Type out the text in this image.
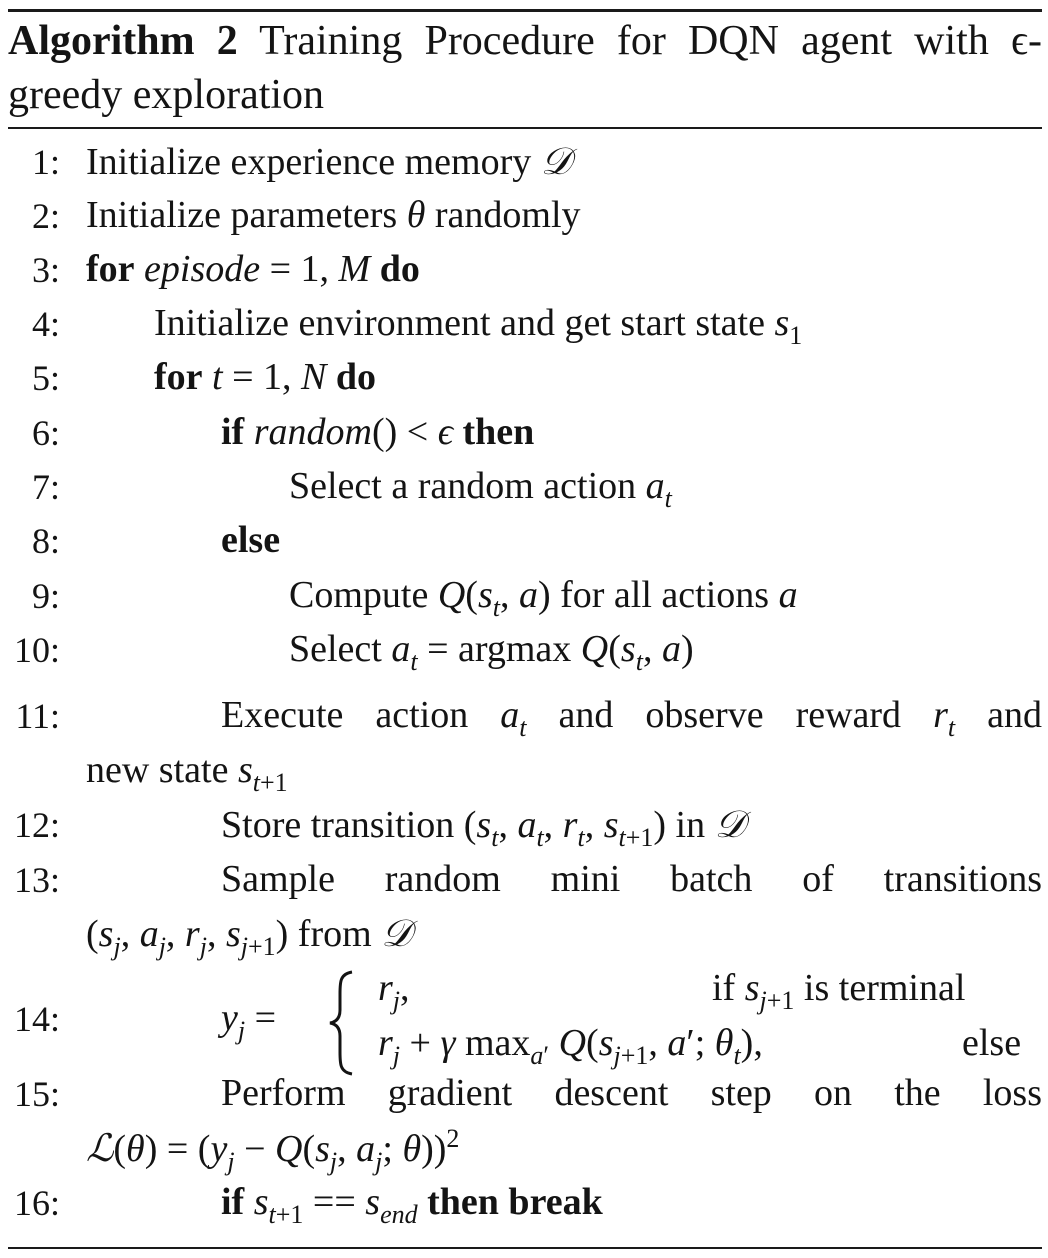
Algorithm 2 Training Procedure for DQN agent with ϵ-greedy exploration
1:
2:
3:
4:
5:
6:
7:
8:
9:
10:
11:
12:
13:
14:
15:
16:
Initialize experience memory 𝒟
Initialize parameters θ randomly
for episode = 1, M do
Initialize environment and get start state $s_1$
for t = 1, N do
if random() < ϵ then
Select a random action $a_t$
else
Compute $Q(s_t$, a) for all actions a
Select $a_t = argmax$ $Q(s_t$, a)
Execute action $a_t$ and observe reward $r_t$ and
new state $s_{t+1}$
Store transition ($s_t$, $a_t$, $r_t$, $s_{t+1}$) in 𝒟
Sample random mini batch of transitions
($s_j$, $a_j$, $r_j$, $s_{j+1}$) from 𝒟
$y_j$ =
$r_j$,	if $s_{j+1}$ is terminal
$r_j + \gamma$ $\max_{a'} Q(s_{j+1}$, a′; $\theta_t$),	else
Perform gradient descent step on the loss
ℒ(θ) = ($y_j - Q(s_j$, $a_j$; θ))$^2$
if $s_{t+1} == s_{end}$ then break
